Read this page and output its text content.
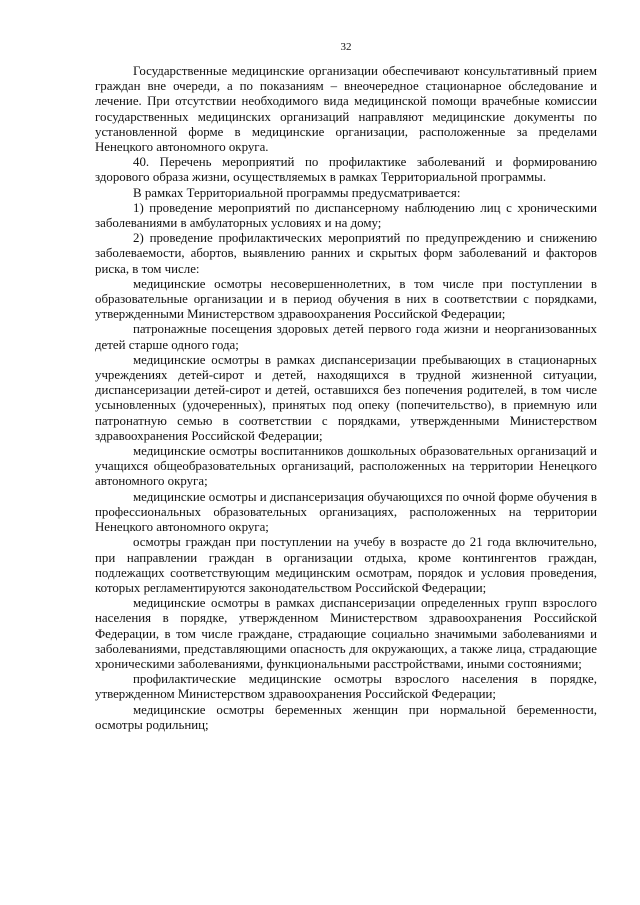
32

Государственные медицинские организации обеспечивают консультативный прием граждан вне очереди, а по показаниям – внеочередное стационарное обследование и лечение. При отсутствии необходимого вида медицинской помощи врачебные комиссии государственных медицинских организаций направляют медицинские документы по установленной форме в медицинские организации, расположенные за пределами Ненецкого автономного округа.

40. Перечень мероприятий по профилактике заболеваний и формированию здорового образа жизни, осуществляемых в рамках Территориальной программы.

В рамках Территориальной программы предусматривается:

1) проведение мероприятий по диспансерному наблюдению лиц с хроническими заболеваниями в амбулаторных условиях и на дому;

2) проведение профилактических мероприятий по предупреждению и снижению заболеваемости, абортов, выявлению ранних и скрытых форм заболеваний и факторов риска, в том числе:

медицинские осмотры несовершеннолетних, в том числе при поступлении в образовательные организации и в период обучения в них в соответствии с порядками, утвержденными Министерством здравоохранения Российской Федерации;

патронажные посещения здоровых детей первого года жизни и неорганизованных детей старше одного года;

медицинские осмотры в рамках диспансеризации пребывающих в стационарных учреждениях детей-сирот и детей, находящихся в трудной жизненной ситуации, диспансеризации детей-сирот и детей, оставшихся без попечения родителей, в том числе усыновленных (удочеренных), принятых под опеку (попечительство), в приемную или патронатную семью в соответствии с порядками, утвержденными Министерством здравоохранения Российской Федерации;

медицинские осмотры воспитанников дошкольных образовательных организаций и учащихся общеобразовательных организаций, расположенных на территории Ненецкого автономного округа;

медицинские осмотры и диспансеризация обучающихся по очной форме обучения в профессиональных образовательных организациях, расположенных на территории Ненецкого автономного округа;

осмотры граждан при поступлении на учебу в возрасте до 21 года включительно, при направлении граждан в организации отдыха, кроме контингентов граждан, подлежащих соответствующим медицинским осмотрам, порядок и условия проведения, которых регламентируются законодательством Российской Федерации;

медицинские осмотры в рамках диспансеризации определенных групп взрослого населения в порядке, утвержденном Министерством здравоохранения Российской Федерации, в том числе граждане, страдающие социально значимыми заболеваниями и заболеваниями, представляющими опасность для окружающих, а также лица, страдающие хроническими заболеваниями, функциональными расстройствами, иными состояниями;

профилактические медицинские осмотры взрослого населения в порядке, утвержденном Министерством здравоохранения Российской Федерации;

медицинские осмотры беременных женщин при нормальной беременности, осмотры родильниц;
